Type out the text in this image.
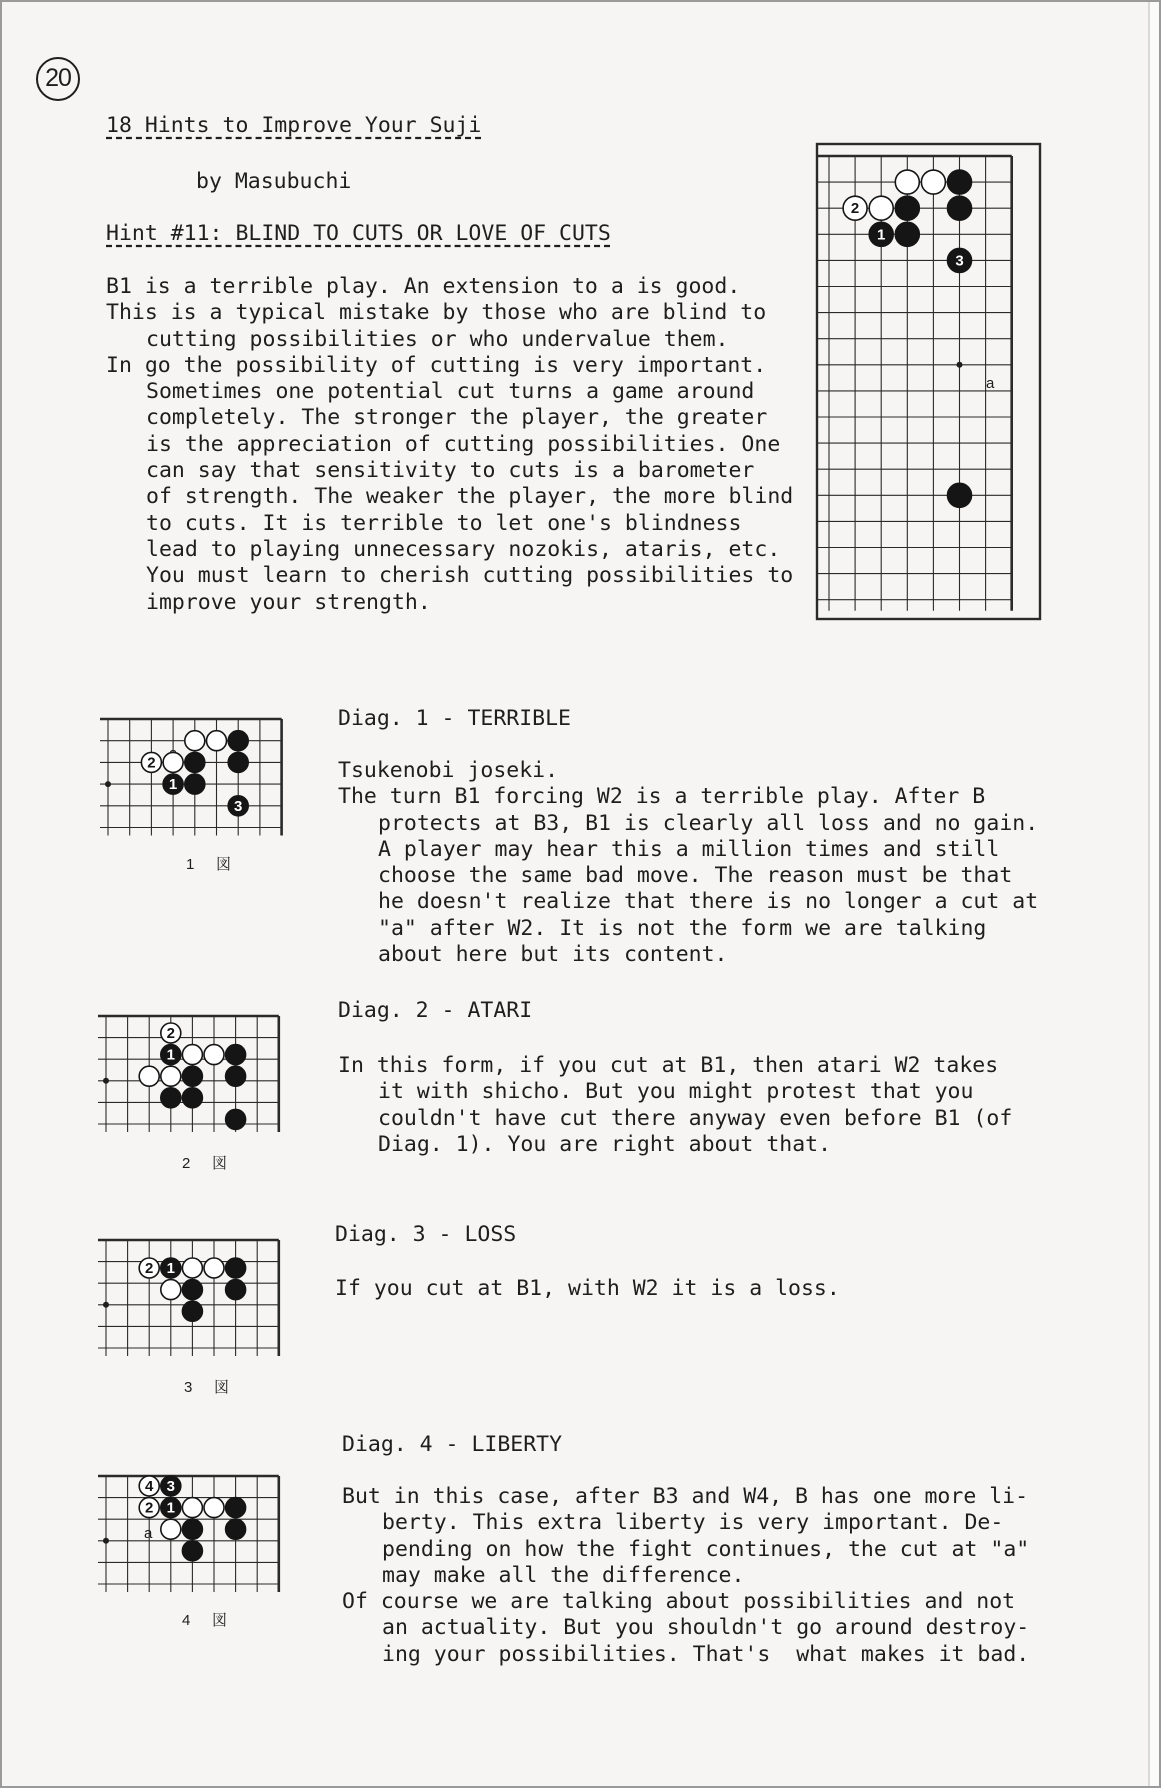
20
18 Hints to Improve Your Suji
by Masubuchi
Hint #11: BLIND TO CUTS OR LOVE OF CUTS

B1 is a terrible play. An extension to a is good.

This is a typical mistake by those who are blind to
cutting possibilities or who undervalue them.

In go the possibility of cutting is very important.
Sometimes one potential cut turns a game around
completely. The stronger the player, the greater
is the appreciation of cutting possibilities. One
can say that sensitivity to cuts is a barometer
of strength. The weaker the player, the more blind
to cuts. It is terrible to let one's blindness
lead to playing unnecessary nozokis, ataris, etc.
You must learn to cherish cutting possibilities to
improve your strength.

a
2
1
3
2
1
3
1 図
Diag. 1 - TERRIBLE

Tsukenobi joseki.

The turn B1 forcing W2 is a terrible play. After B
protects at B3, B1 is clearly all loss and no gain.
A player may hear this a million times and still
choose the same bad move. The reason must be that
he doesn't realize that there is no longer a cut at
"a" after W2. It is not the form we are talking
about here but its content.

2
1
2 図
Diag. 2 - ATARI

In this form, if you cut at B1, then atari W2 takes
it with shicho. But you might protest that you
couldn't have cut there anyway even before B1 (of
Diag. 1). You are right about that.

2 1
3 図
Diag. 3 - LOSS

If you cut at B1, with W2 it is a loss.

a
4 3
2 1
4 図
Diag. 4 - LIBERTY

But in this case, after B3 and W4, B has one more li-
berty. This extra liberty is very important. De-
pending on how the fight continues, the cut at "a"
may make all the difference.

Of course we are talking about possibilities and not
an actuality. But you shouldn't go around destroy-
ing your possibilities. That's  what makes it bad.
